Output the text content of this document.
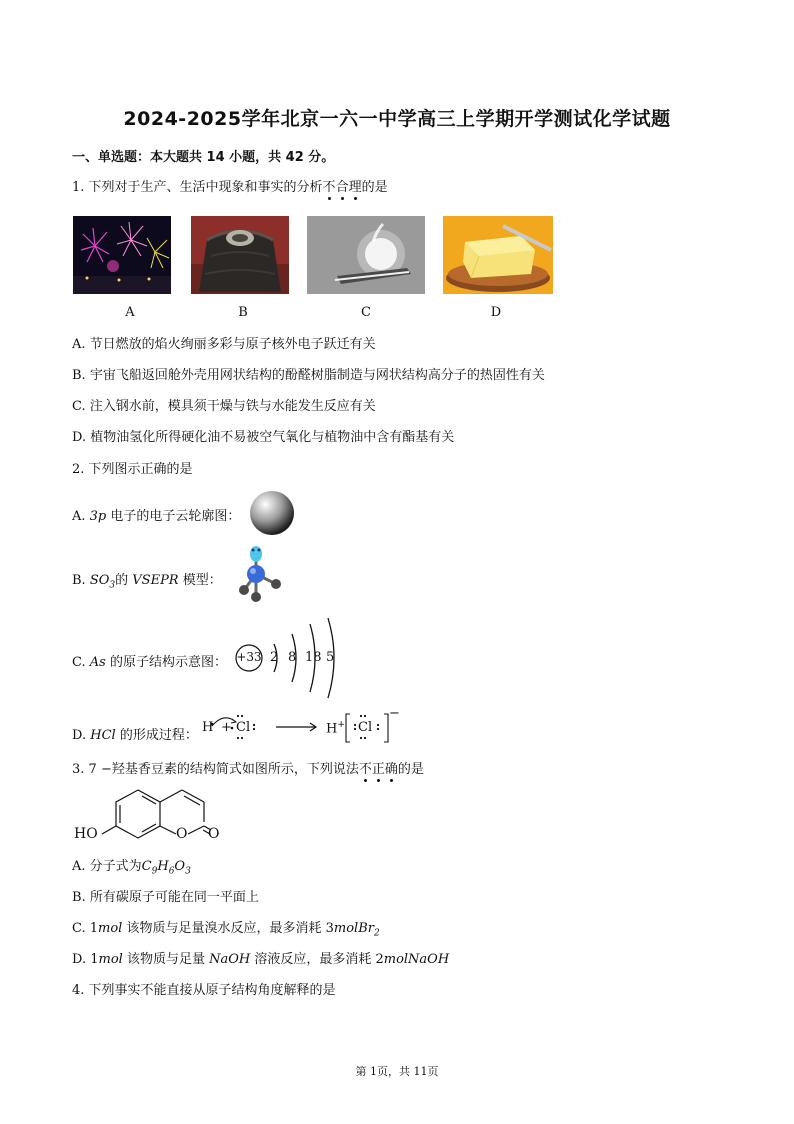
2024-2025学年北京一六一中学高三上学期开学测试化学试题
一、单选题：本大题共 14 小题，共 42 分。
1. 下列对于生产、生活中现象和事实的分析不合理的是
A	B	C	D
A. 节日燃放的焰火绚丽多彩与原子核外电子跃迁有关
B. 宇宙飞船返回舱外壳用网状结构的酚醛树脂制造与网状结构高分子的热固性有关
C. 注入钢水前，模具须干燥与铁与水能发生反应有关
D. 植物油氢化所得硬化油不易被空气氧化与植物油中含有酯基有关
2. 下列图示正确的是
A. 3p 电子的电子云轮廓图：
B. $SO_3$的 VSEPR 模型：
C. As 的原子结构示意图： +33 2 8 18 5
D. HCl 的形成过程：
H + Cl	H+ Cl
−
3. 7 −羟基香豆素的结构简式如图所示，下列说法不正确的是
HO	O O
A. 分子式为$C_9H_6O_3$
B. 所有碳原子可能在同一平面上
C. 1mol 该物质与足量溴水反应，最多消耗 3molBr$_2$
D. 1mol 该物质与足量 NaOH 溶液反应，最多消耗 2molNaOH
4. 下列事实不能直接从原子结构角度解释的是
第 1页，共 11页
